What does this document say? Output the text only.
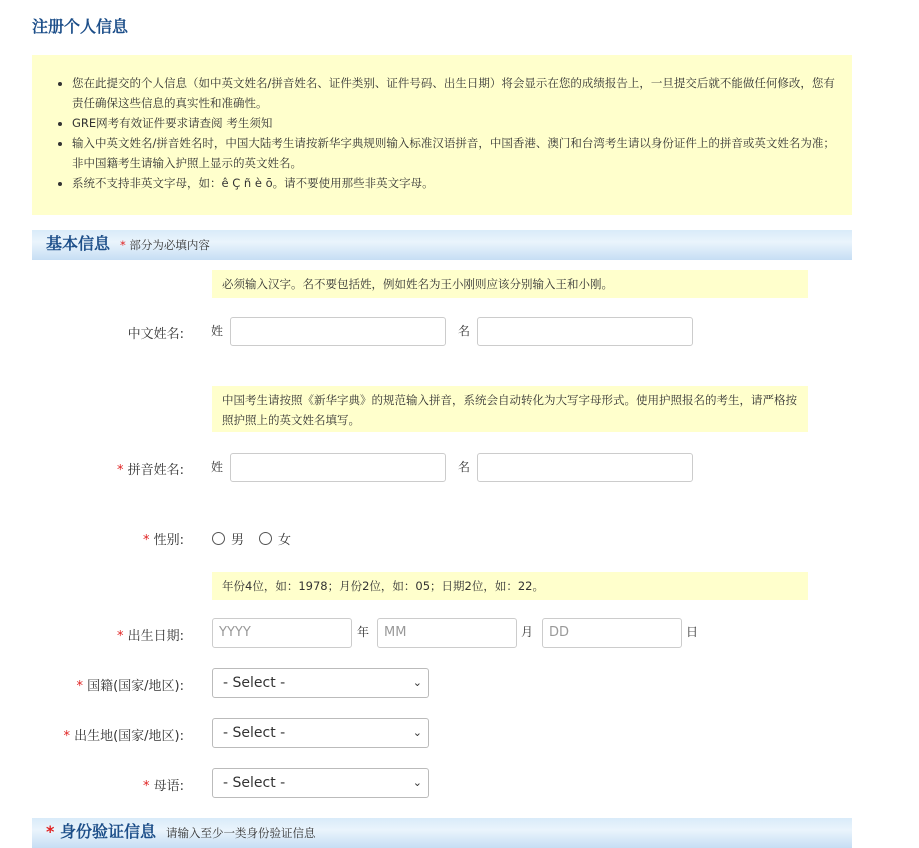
注册个人信息
• 您在此提交的个人信息（如中英文姓名/拼音姓名、证件类别、证件号码、出生日期）将会显示在您的成绩报告上，一旦提交后就不能做任何修改，您有责任确保这些信息的真实性和准确性。
• GRE网考有效证件要求请查阅 考生须知
• 输入中英文姓名/拼音姓名时，中国大陆考生请按新华字典规则输入标准汉语拼音，中国香港、澳门和台湾考生请以身份证件上的拼音或英文姓名为准；非中国籍考生请输入护照上显示的英文姓名。
• 系统不支持非英文字母，如：ê Ç ñ è ō。请不要使用那些非英文字母。
基本信息 * 部分为必填内容
必须输入汉字。名不要包括姓，例如姓名为王小刚则应该分别输入王和小刚。
中文姓名: 姓	名
中国考生请按照《新华字典》的规范输入拼音，系统会自动转化为大写字母形式。使用护照报名的考生，请严格按照护照上的英文姓名填写。
* 拼音姓名: 姓	名
* 性别:	男	女
年份4位，如：1978；月份2位，如：05；日期2位，如：22。
* 出生日期:	YYYY	年	MM	月	DD	日
* 国籍(国家/地区):	- Select -	⌄
* 出生地(国家/地区):	- Select -	⌄
* 母语:	- Select -	⌄
* 身份验证信息 请输入至少一类身份验证信息
